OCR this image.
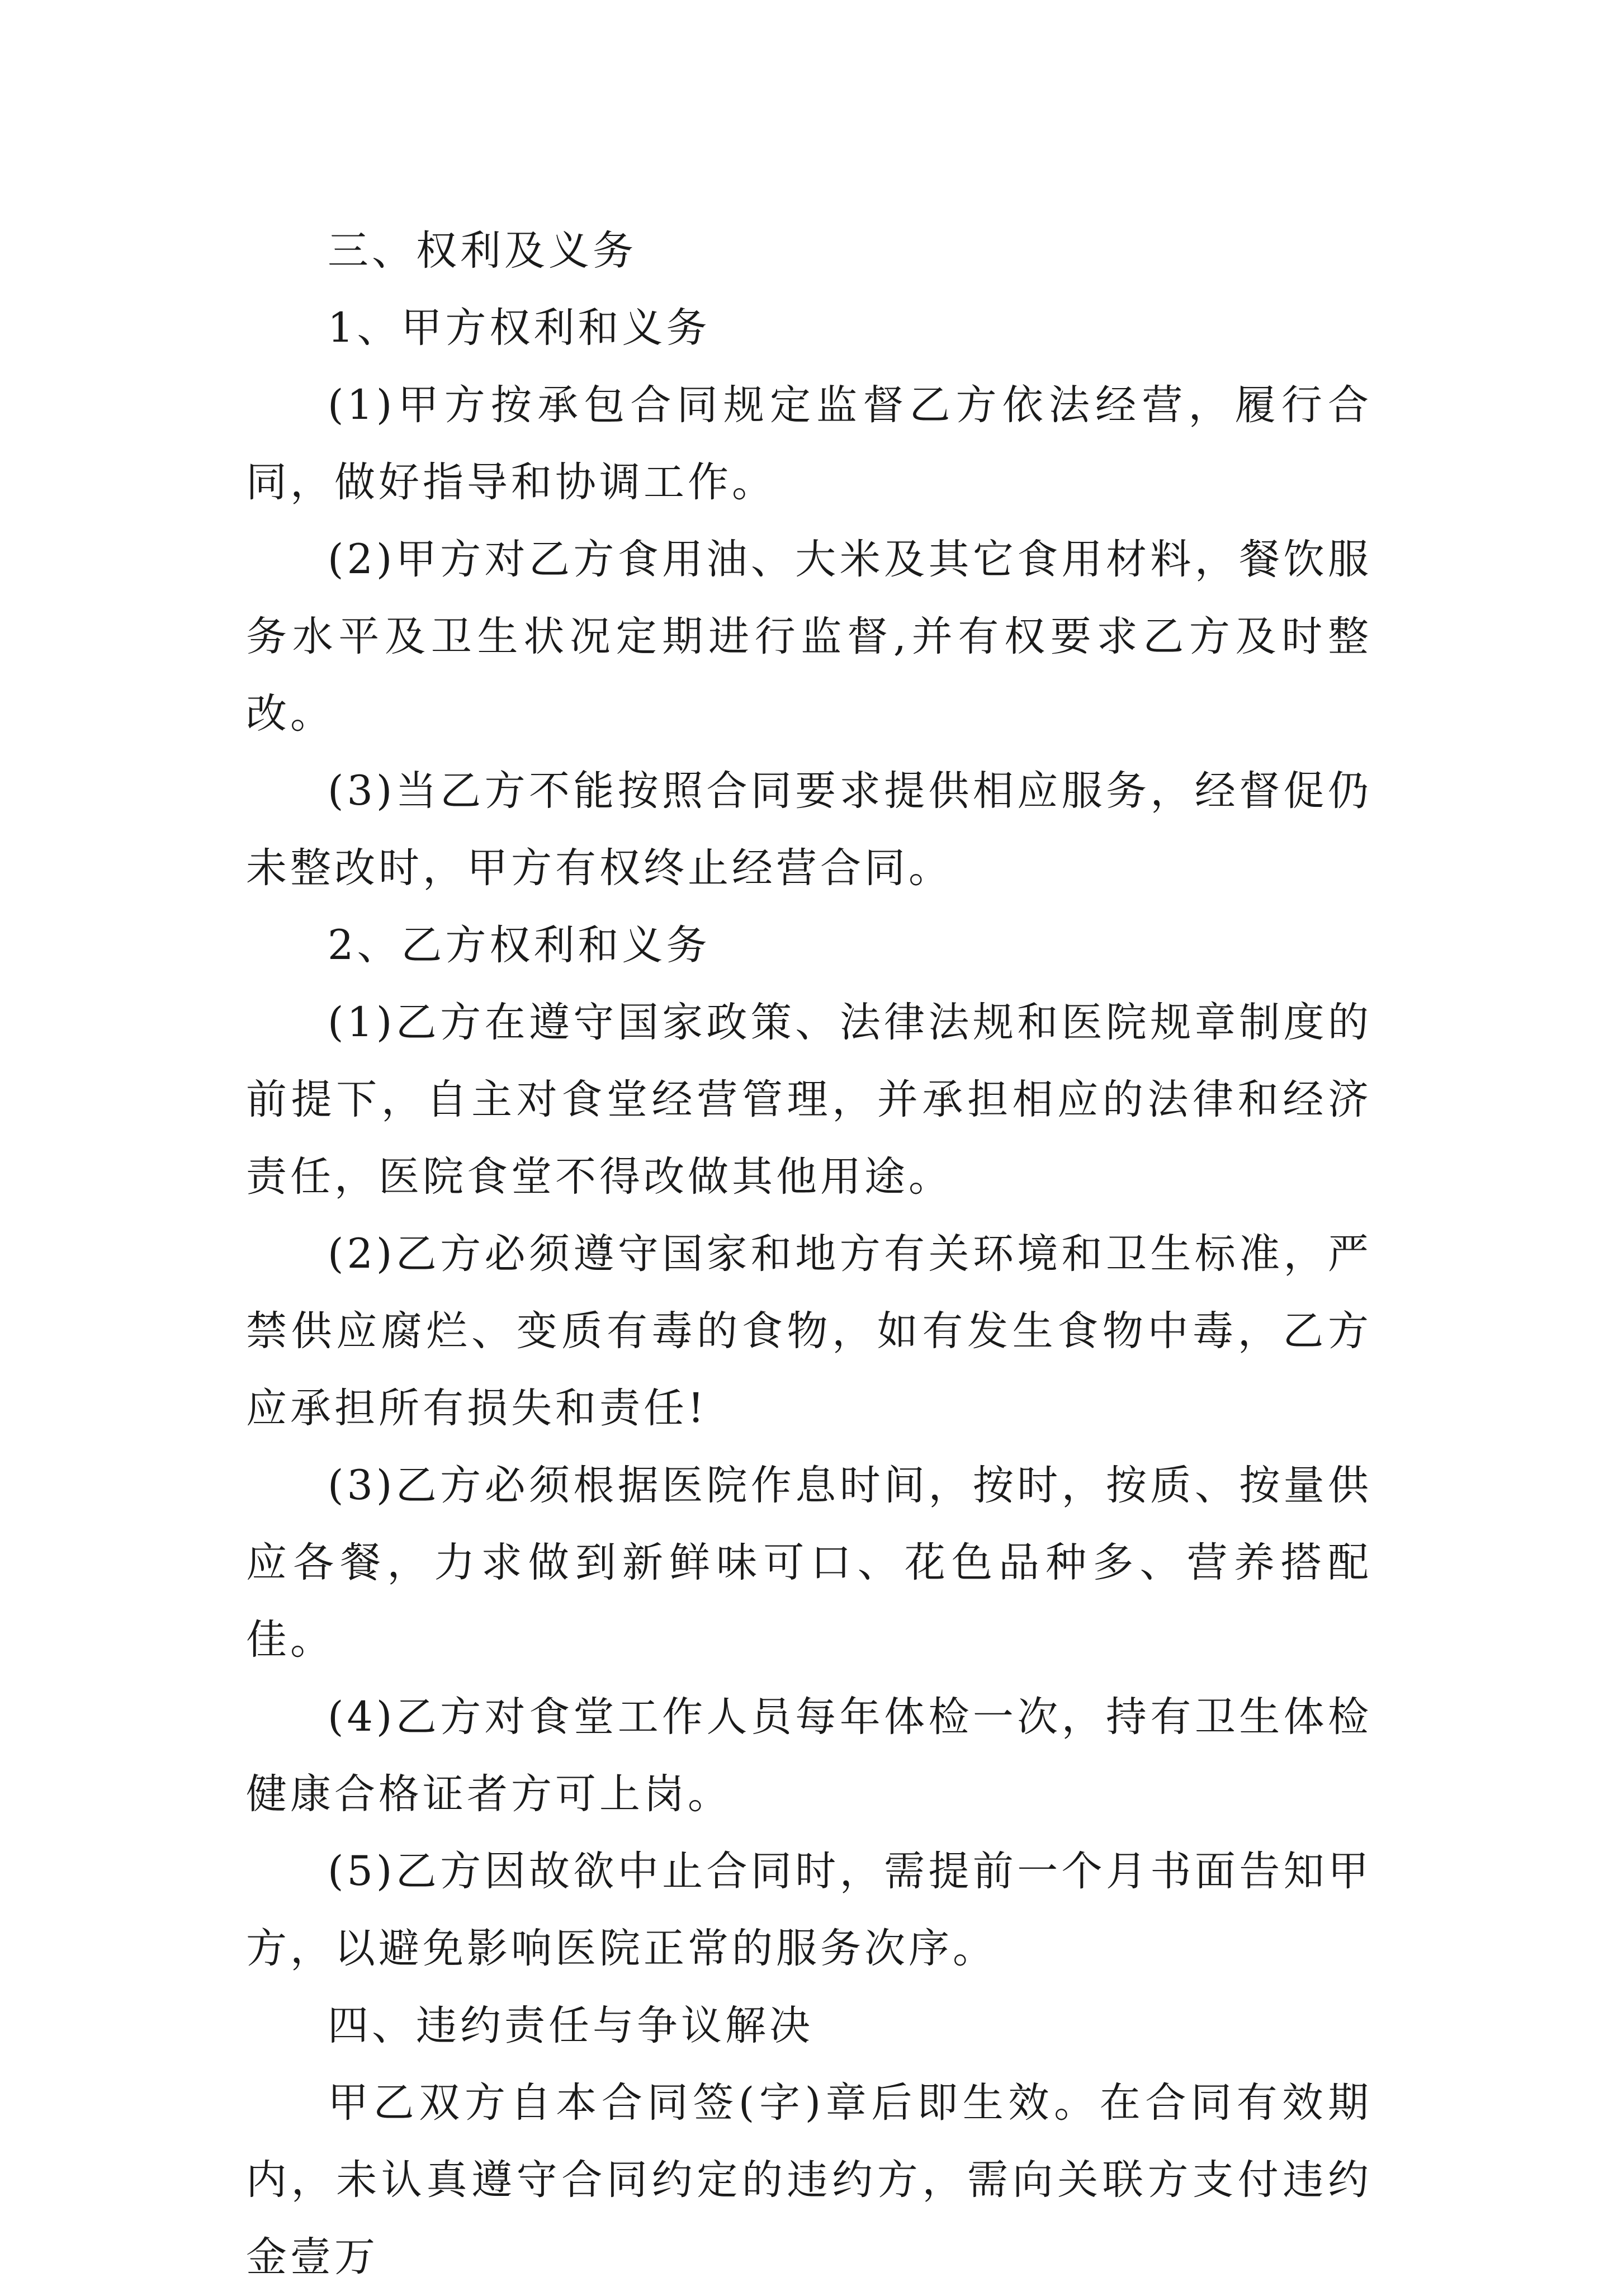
三、权利及义务

1、甲方权利和义务

(1)甲方按承包合同规定监督乙方依法经营，履行合同，做好指导和协调工作。

(2)甲方对乙方食用油、大米及其它食用材料，餐饮服务水平及卫生状况定期进行监督,并有权要求乙方及时整改。

(3)当乙方不能按照合同要求提供相应服务，经督促仍未整改时，甲方有权终止经营合同。

2、乙方权利和义务

(1)乙方在遵守国家政策、法律法规和医院规章制度的前提下，自主对食堂经营管理，并承担相应的法律和经济责任，医院食堂不得改做其他用途。

(2)乙方必须遵守国家和地方有关环境和卫生标准，严禁供应腐烂、变质有毒的食物，如有发生食物中毒，乙方应承担所有损失和责任!

(3)乙方必须根据医院作息时间，按时，按质、按量供应各餐，力求做到新鲜味可口、花色品种多、营养搭配佳。

(4)乙方对食堂工作人员每年体检一次，持有卫生体检健康合格证者方可上岗。

(5)乙方因故欲中止合同时，需提前一个月书面告知甲方，以避免影响医院正常的服务次序。

四、违约责任与争议解决

甲乙双方自本合同签(字)章后即生效。在合同有效期内，未认真遵守合同约定的违约方，需向关联方支付违约金壹万
